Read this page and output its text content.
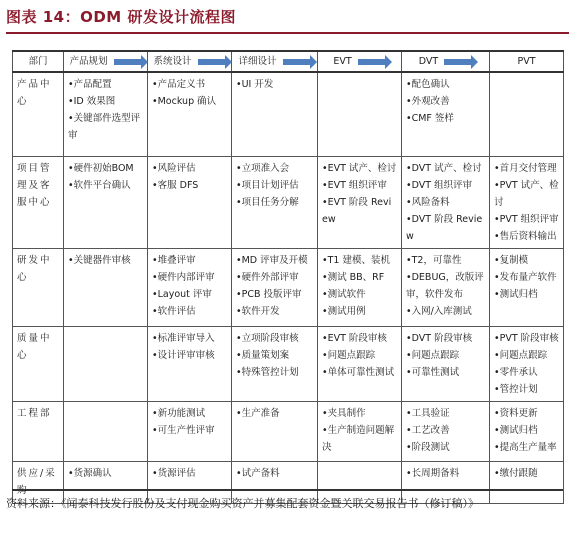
图表 14：ODM 研发设计流程图
部门	产品规划	系统设计	详细设计	EVT	DVT	PVT
产品中心	•产品配置
•ID 效果图
•关键部件选型评审	•产品定义书
•Mockup 确认	•UI 开发		•配色确认
•外观改善
•CMF 签样	

项目管理及客服中心	•硬件初始BOM
•软件平台确认	•风险评估
•客服 DFS	•立项准入会
•项目计划评估
•项目任务分解	•EVT 试产、检讨
•EVT 组织评审
•EVT 阶段 Review	•DVT 试产、检讨
•DVT 组织评审
•风险备料
•DVT 阶段 Review	•首月交付管理
•PVT 试产、检讨
•PVT 组织评审
•售后资料输出

研发中心	•关键器件审核	•堆叠评审
•硬件内部评审
•Layout 评审
•软件评估	•MD 评审及开模
•硬件外部评审
•PCB 投版评审
•软件开发	•T1 建模、装机
•测试 BB、RF
•测试软件
•测试用例	•T2，可靠性
•DEBUG，改版评审，软件发布
•入网/入库测试	•复制模
•发布量产软件
•测试归档

质量中心		•标准评审导入
•设计评审审核	•立项阶段审核
•质量策划案
•特殊管控计划	•EVT 阶段审核
•问题点跟踪
•单体可靠性测试	•DVT 阶段审核
•问题点跟踪
•可靠性测试	•PVT 阶段审核
•问题点跟踪
•零件承认
•管控计划

工程部		•新功能测试
•可生产性评审	•生产准备	•夹具制作
•生产制造问题解决	•工具验证
•工艺改善
•阶段测试	•资料更新
•测试归档
•提高生产量率

供应/采	•货源确认	•货源评估	•试产备料		•长周期备料	•缴付跟随
资料来源：《闻泰科技发行股份及支付现金购买资产并募集配套资金暨关联交易报告书（修订稿）》
